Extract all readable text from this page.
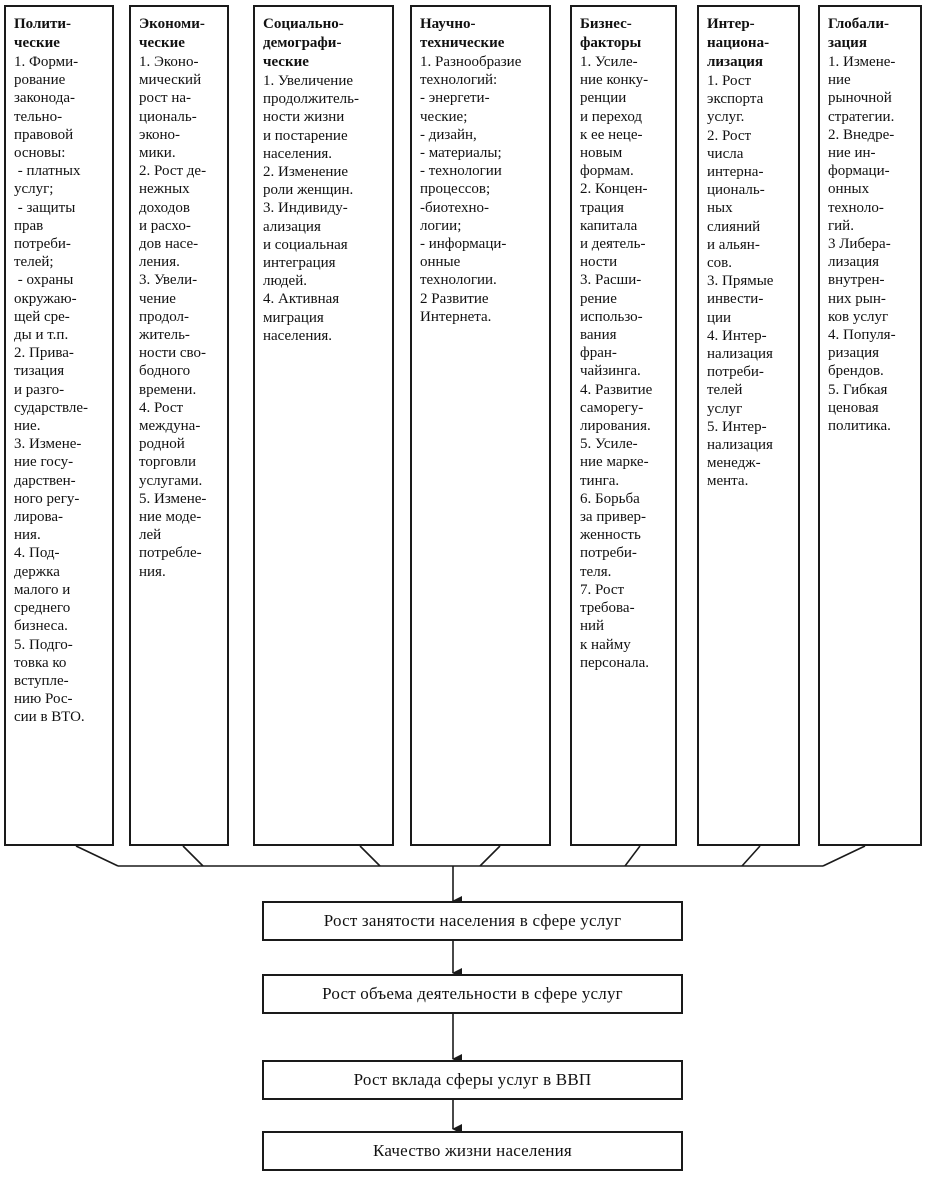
Полити- ческие
1. Форми-
рование
законода-
тельно-
правовой
основы:
- платных
услуг;
- защиты
прав
потреби-
телей;
- охраны
окружаю-
щей сре-
ды и т.п.
2. Прива-
тизация
и разго-
сударствле-
ние.
3. Измене-
ние госу-
дарствен-
ного регу-
лирова-
ния.
4. Под-
держка
малого и
среднего
бизнеса.
5. Подго-
товка ко
вступле-
нию Рос-
сии в ВТО.
Экономи- ческие
1. Эконо-
мический
рост на-
циональ-
эконо-
мики.
2. Рост де-
нежных
доходов
и расхо-
дов насе-
ления.
3. Увели-
чение
продол-
житель-
ности сво-
бодного
времени.
4. Рост
междуна-
родной
торговли
услугами.
5. Измене-
ние моде-
лей
потребле-
ния.
Социально- демографи- ческие
1. Увеличение
продолжитель-
ности жизни
и постарение
населения.
2. Изменение
роли женщин.
3. Индивиду-
ализация
и социальная
интеграция
людей.
4. Активная
миграция
населения.
Научно- технические
1. Разнообразие
технологий:
- энергети-
ческие;
- дизайн,
- материалы;
- технологии
процессов;
-биотехно-
логии;
- информаци-
онные
технологии.
2 Развитие
Интернета.
Бизнес- факторы
1. Усиле-
ние конку-
ренции
и переход
к ее неце-
новым
формам.
2. Концен-
трация
капитала
и деятель-
ности
3. Расши-
рение
использо-
вания
фран-
чайзинга.
4. Развитие
саморегу-
лирования.
5. Усиле-
ние марке-
тинга.
6. Борьба
за привер-
женность
потреби-
теля.
7. Рост
требова-
ний
к найму
персонала.
Интер- национа- лизация
1. Рост
экспорта
услуг.
2. Рост
числа
интерна-
циональ-
ных
слияний
и альян-
сов.
3. Прямые
инвести-
ции
4. Интер-
нализация
потреби-
телей
услуг
5. Интер-
нализация
менедж-
мента.
Глобали- зация
1. Измене-
ние
рыночной
стратегии.
2. Внедре-
ние ин-
формаци-
онных
техноло-
гий.
3 Либера-
лизация
внутрен-
них рын-
ков услуг
4. Популя-
ризация
брендов.
5. Гибкая
ценовая
политика.
Рост занятости населения в сфере услуг
Рост объема деятельности в сфере услуг
Рост вклада сферы услуг в ВВП
Качество жизни населения
